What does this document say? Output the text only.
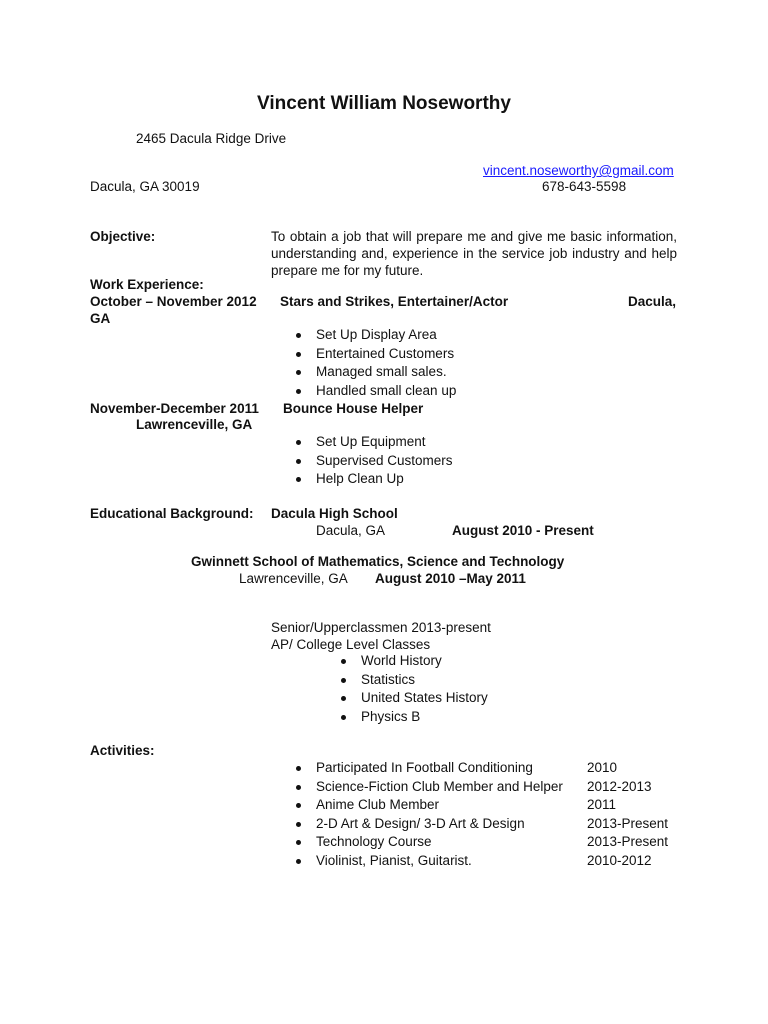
Vincent William Noseworthy
2465 Dacula Ridge Drive
vincent.noseworthy@gmail.com
Dacula, GA 30019	678-643-5598
Objective:	To obtain a job that will prepare me and give me basic information, understanding and, experience in the service job industry and help prepare me for my future.
Work Experience:
October – November 2012 Stars and Strikes, Entertainer/Actor	Dacula,
GA
Set Up Display Area
Entertained Customers
Managed small sales.
Handled small clean up
November-December 2011 Bounce House Helper
Lawrenceville, GA
Set Up Equipment
Supervised Customers
Help Clean Up
Educational Background: Dacula High School
Dacula, GA	August 2010 - Present
Gwinnett School of Mathematics, Science and Technology
Lawrenceville, GA August 2010 –May 2011
Senior/Upperclassmen 2013-present
AP/ College Level Classes
World History
Statistics
United States History
Physics B
Activities:
Participated In Football Conditioning	2010
Science-Fiction Club Member and Helper 2012-2013
Anime Club Member	2011
2-D Art & Design/ 3-D Art & Design	2013-Present
Technology Course	2013-Present
Violinist, Pianist, Guitarist.	2010-2012
